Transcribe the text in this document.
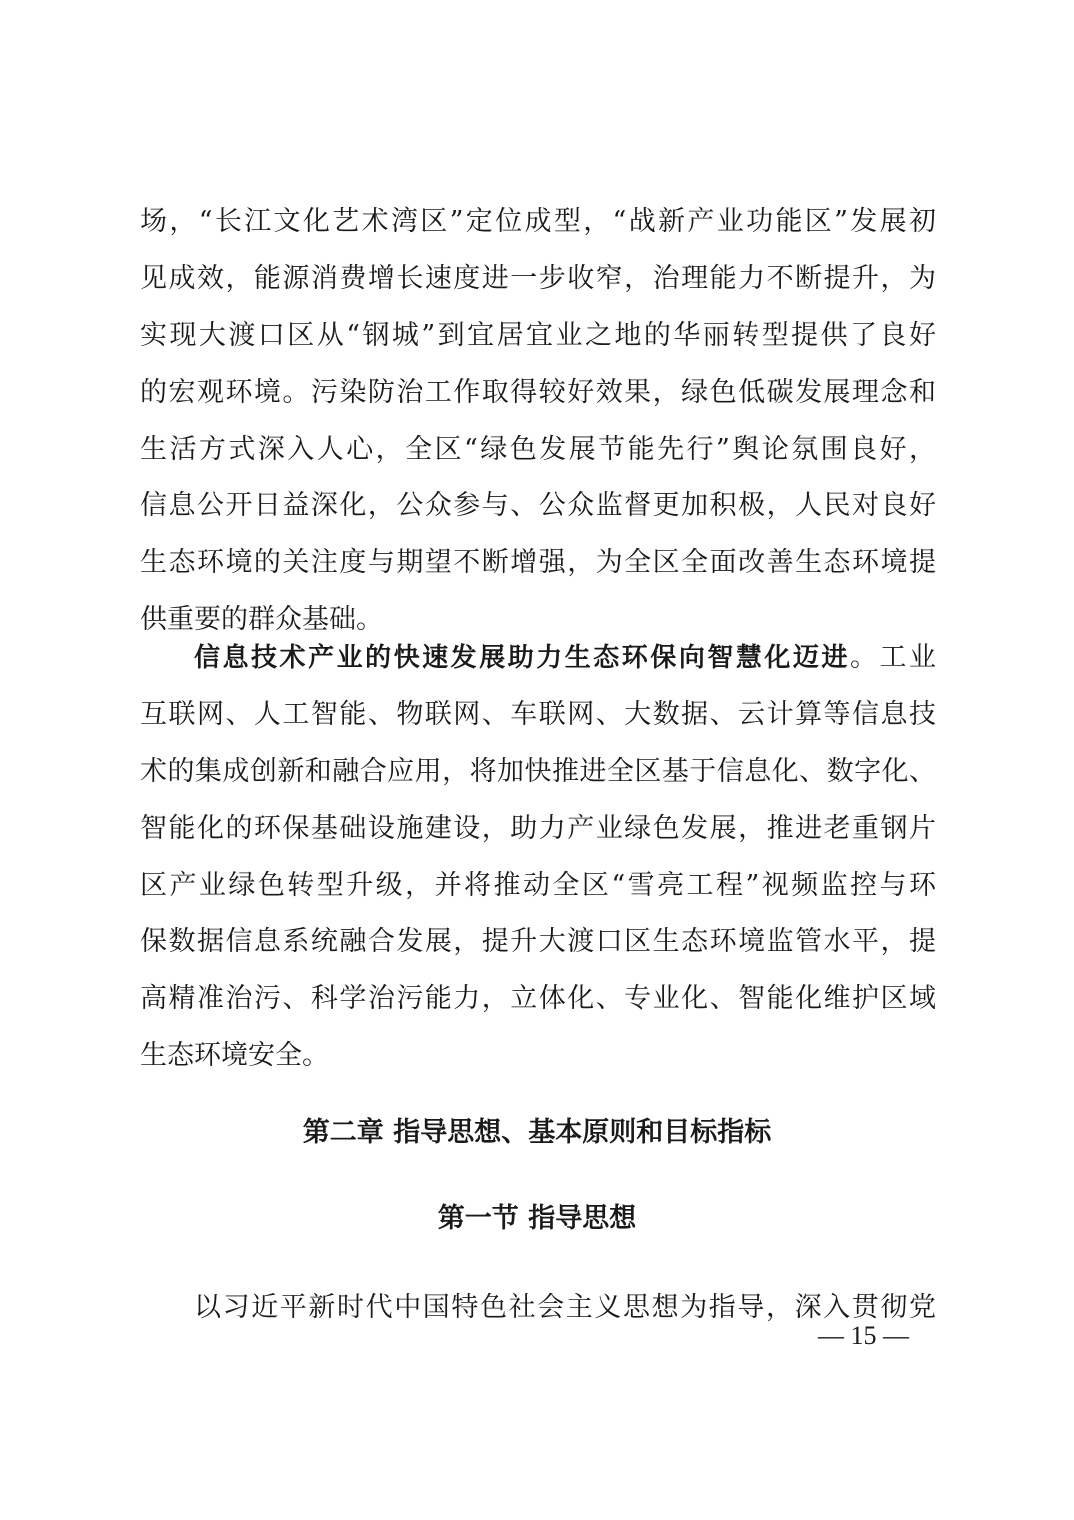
场，“长江文化艺术湾区”定位成型，“战新产业功能区”发展初
见成效，能源消费增长速度进一步收窄，治理能力不断提升，为
实现大渡口区从“钢城”到宜居宜业之地的华丽转型提供了良好
的宏观环境。污染防治工作取得较好效果，绿色低碳发展理念和
生活方式深入人心，全区“绿色发展节能先行”舆论氛围良好，
信息公开日益深化，公众参与、公众监督更加积极，人民对良好
生态环境的关注度与期望不断增强，为全区全面改善生态环境提
供重要的群众基础。
信息技术产业的快速发展助力生态环保向智慧化迈进。工业
互联网、人工智能、物联网、车联网、大数据、云计算等信息技
术的集成创新和融合应用，将加快推进全区基于信息化、数字化、
智能化的环保基础设施建设，助力产业绿色发展，推进老重钢片
区产业绿色转型升级，并将推动全区“雪亮工程”视频监控与环
保数据信息系统融合发展，提升大渡口区生态环境监管水平，提
高精准治污、科学治污能力，立体化、专业化、智能化维护区域
生态环境安全。
第二章 指导思想、基本原则和目标指标
第一节 指导思想
以习近平新时代中国特色社会主义思想为指导，深入贯彻党
— 15 —
